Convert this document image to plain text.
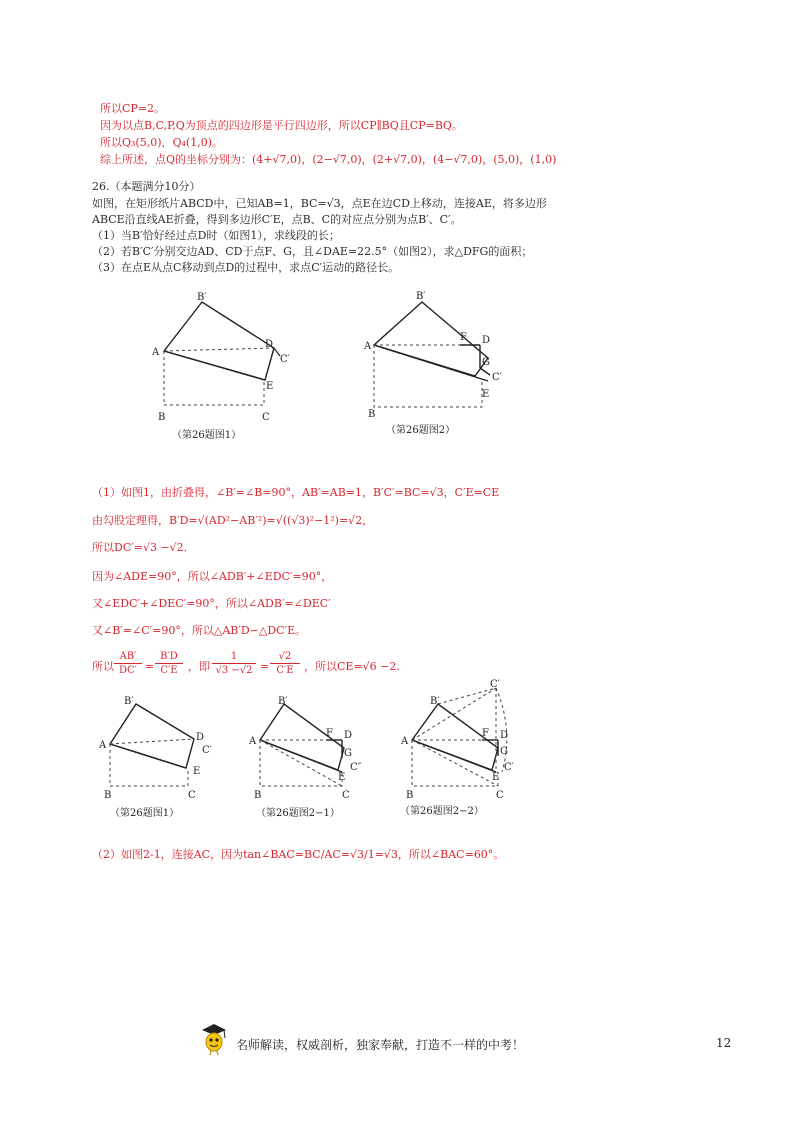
所以CP=2。
因为以点B,C,P,Q为顶点的四边形是平行四边形，所以CP∥BQ且CP=BQ。
所以Q₃(5,0)，Q₄(1,0)。
综上所述，点Q的坐标分别为：(4+√7,0)，(2−√7,0)，(2+√7,0)，(4−√7,0)，(5,0)，(1,0)
26.（本题满分10分）
如图，在矩形纸片ABCD中，已知AB=1，BC=√3，点E在边CD上移动，连接AE，将多边形
ABCE沿直线AE折叠，得到多边形C′E，点B、C的对应点分别为点B′、C′。
（1）当B′恰好经过点D时（如图1），求线段的长；
（2）若B′C′分别交边AD、CD于点F、G，且∠DAE=22.5°（如图2），求△DFG的面积；
（3）在点E从点C移动到点D的过程中，求点C′运动的路径长。
B′
A
D
C′
E
B	C
（第26题图1）
B′
A
F D
G
C′
E
B
（第26题图2）
（1）如图1，由折叠得，∠B′=∠B=90°，AB′=AB=1，B′C′=BC=√3，C′E=CE
由勾股定理得，B′D=√(AD²−AB′²)=√((√3)²−1²)=√2，
所以DC′=√3 −√2．
因为∠ADE=90°，所以∠ADB′+∠EDC′=90°，
又∠EDC′+∠DEC′=90°，所以∠ADB′=∠DEC′
又∠B′=∠C′=90°，所以△AB′D∽△DC′E。
所以 $\frac{AB'}{DC'} = \frac{B'D}{C'E}$ ，即 $\frac{1}{√3 -√2} = \frac{√2}{C'E}$ ，所以CE=√6 −2.
B′
A
D
C′
E
B	C
（第26题图1）
B′
A
F D
G
C″
E
B	C
（第26题图2−1）
C′
B′
A
F D
G
C′
E
B	C
（第26题图2−2）
（2）如图2-1，连接AC，因为tan∠BAC=BC/AC=√3/1=√3，所以∠BAC=60°。
名师解读，权威剖析，独家奉献，打造不一样的中考！	12
